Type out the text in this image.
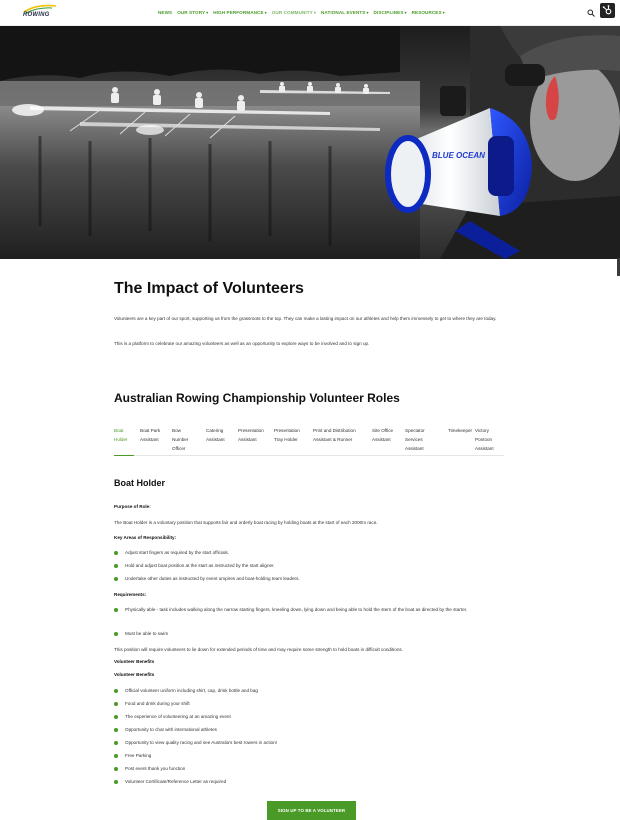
ROWING	NEWS OUR STORY▾ HIGH PERFORMANCE▾ OUR COMMUNITY▾ NATIONAL EVENTS▾ DISCIPLINES▾ RESOURCES▾
BLUE OCEAN
The Impact of Volunteers

Volunteers are a key part of our sport, supporting us from the grassroots to the top. They can make a lasting impact on our athletes and help them immensely to get to where they are today.

This is a platform to celebrate our amazing volunteers as well as an opportunity to explore ways to be involved and to sign up.

Australian Rowing Championship Volunteer Roles
Boat Holder
Boat Park Assistant
Bow Number Officer
Catering Assistant
Presentation Assistant
Presentation Tray Holder
Print and Distribution Assistant & Runner
Site Office Assistant
Spectator Services Assistant
Timekeeper Victory Pontoon Assistant
Boat Holder
Purpose of Role:
The Boat Holder is a voluntary position that supports fair and orderly boat racing by holding boats at the start of each 2000m race.
Key Areas of Responsibility:
Adjust start fingers as required by the start officials.
Hold and adjust boat position at the start as instructed by the start aligner.
Undertake other duties as instructed by event umpires and boat-holding team leaders.
Requirements:
Physically able - task includes walking along the narrow starting fingers, kneeling down, lying down and being able to hold the stern of the boat as directed by the starter.
Must be able to swim
This position will require volunteers to lie down for extended periods of time and may require some strength to hold boats in difficult conditions.
Volunteer Benefits
Volunteer Benefits
Official volunteer uniform including shirt, cap, drink bottle and bag
Food and drink during your shift
The experience of volunteering at an amazing event
Opportunity to chat with international athletes
Opportunity to view quality racing and see Australia's best rowers in action!
Free Parking
Post event thank you function
Volunteer Certificate/Reference Letter as required
SIGN UP TO BE A VOLUNTEER
